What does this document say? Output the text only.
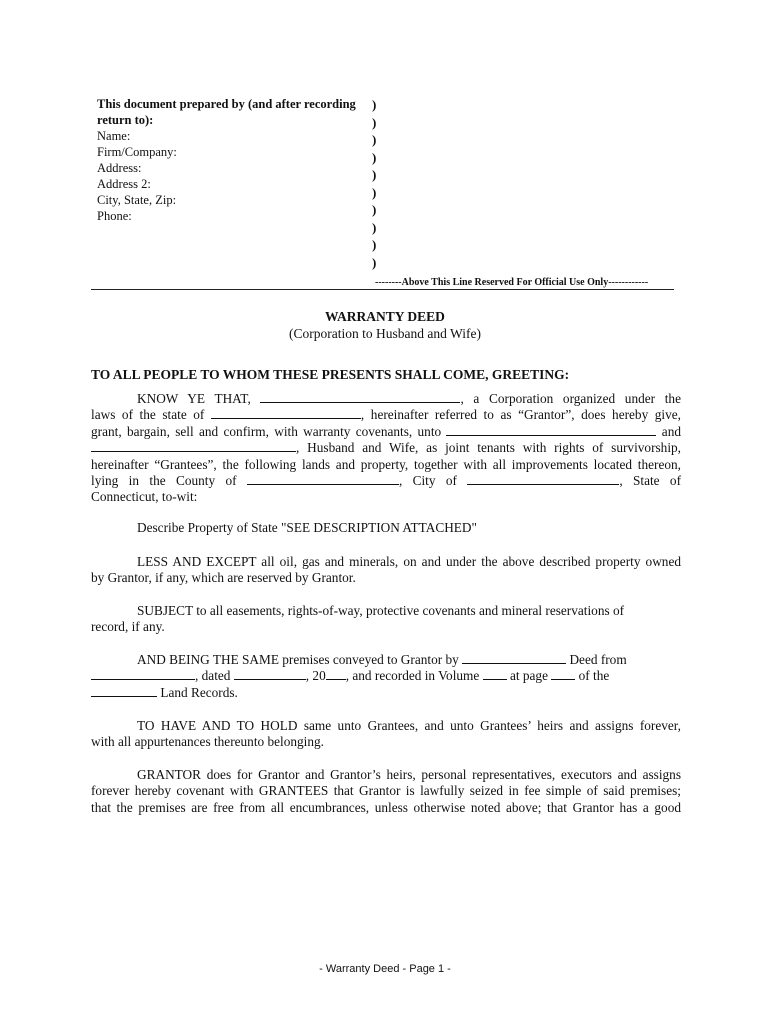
This document prepared by (and after recording return to):
Name:
Firm/Company:
Address:
Address 2:
City, State, Zip:
Phone:
)
)
)
)
)
)
)
)
)
)
--------Above This Line Reserved For Official Use Only------------
WARRANTY DEED
(Corporation to Husband and Wife)
TO ALL PEOPLE TO WHOM THESE PRESENTS SHALL COME, GREETING:
KNOW YE THAT,	, a Corporation organized under the
laws of the state of	, hereinafter referred to as “Grantor”, does hereby give,
grant, bargain, sell and confirm, with warranty covenants, unto	and
, Husband and Wife, as joint tenants with rights of survivorship,
hereinafter “Grantees”, the following lands and property, together with all improvements located thereon,
lying in the County of	, City of	, State of
Connecticut, to-wit:
Describe Property of State "SEE DESCRIPTION ATTACHED"
LESS AND EXCEPT all oil, gas and minerals, on and under the above described property owned
by Grantor, if any, which are reserved by Grantor.
SUBJECT to all easements, rights-of-way, protective covenants and mineral reservations of
record, if any.
AND BEING THE SAME premises conveyed to Grantor by	Deed from
, dated	, 20 , and recorded in Volume at page of the
Land Records.
TO HAVE AND TO HOLD same unto Grantees, and unto Grantees’ heirs and assigns forever,
with all appurtenances thereunto belonging.
GRANTOR does for Grantor and Grantor’s heirs, personal representatives, executors and assigns
forever hereby covenant with GRANTEES that Grantor is lawfully seized in fee simple of said premises;
that the premises are free from all encumbrances, unless otherwise noted above; that Grantor has a good
- Warranty Deed - Page 1 -
